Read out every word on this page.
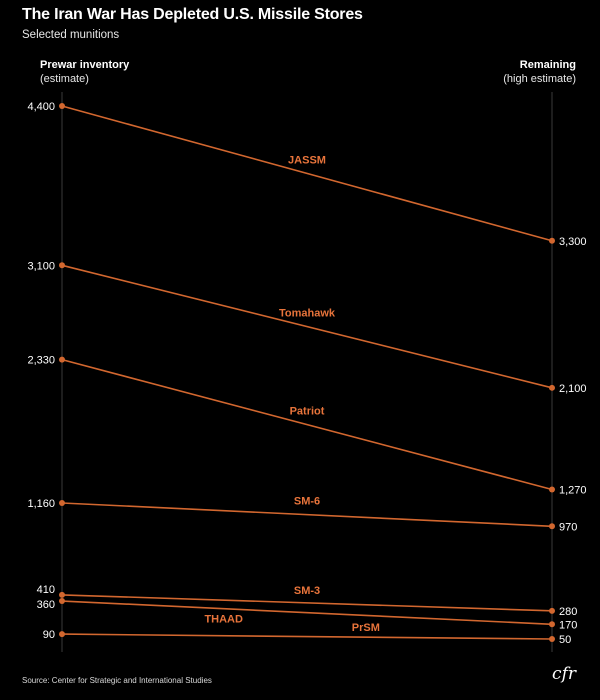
The Iran War Has Depleted U.S. Missile Stores
Selected munitions
Prewar inventory
(estimate)
Remaining
(high estimate)
4,400
3,300
JASSM
3,100
2,100
Tomahawk
2,330
1,270
Patriot
1,160
970
SM-6
410
280
SM-3
360
170
THAAD
90	50
PrSM
Source: Center for Strategic and International Studies	cfr
